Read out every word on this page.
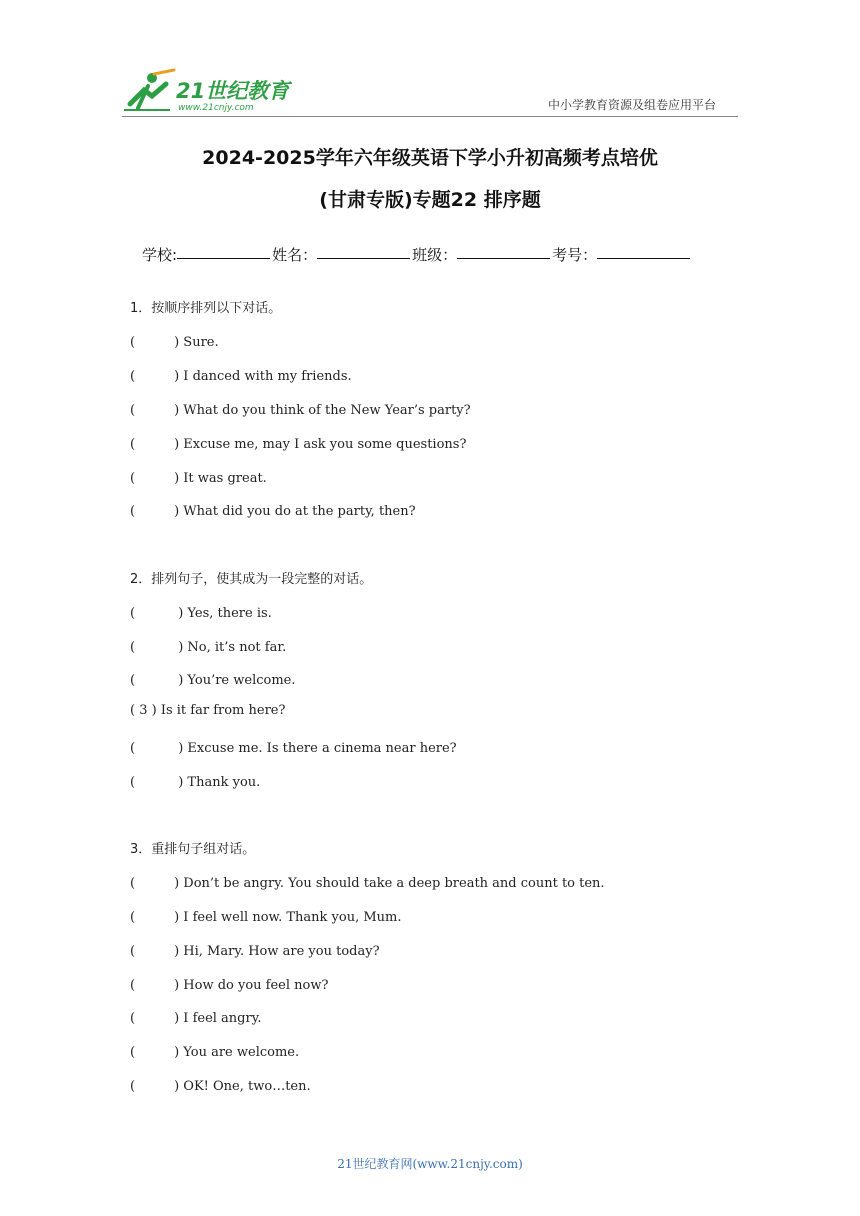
21世纪教育
www.21cnjy.com	中小学教育资源及组卷应用平台
2024-2025学年六年级英语下学小升初高频考点培优
(甘肃专版)专题22 排序题
学校:	姓名：	班级：	考号：
1．按顺序排列以下对话。
(　　　) Sure.
(　　　) I danced with my friends.
(　　　) What do you think of the New Year’s party?
(　　　) Excuse me, may I ask you some questions?
(　　　) It was great.
(　　　) What did you do at the party, then?
2．排列句子，使其成为一段完整的对话。
(　　　 ) Yes, there is.
(　　　 ) No, it’s not far.
(　　　 ) You’re welcome.
( 3 ) Is it far from here?
(　　　 ) Excuse me. Is there a cinema near here?
(　　　 ) Thank you.
3．重排句子组对话。
(　　　) Don’t be angry. You should take a deep breath and count to ten.
(　　　) I feel well now. Thank you, Mum.
(　　　) Hi, Mary. How are you today?
(　　　) How do you feel now?
(　　　) I feel angry.
(　　　) You are welcome.
(　　　) OK! One, two…ten.
21世纪教育网(www.21cnjy.com)
